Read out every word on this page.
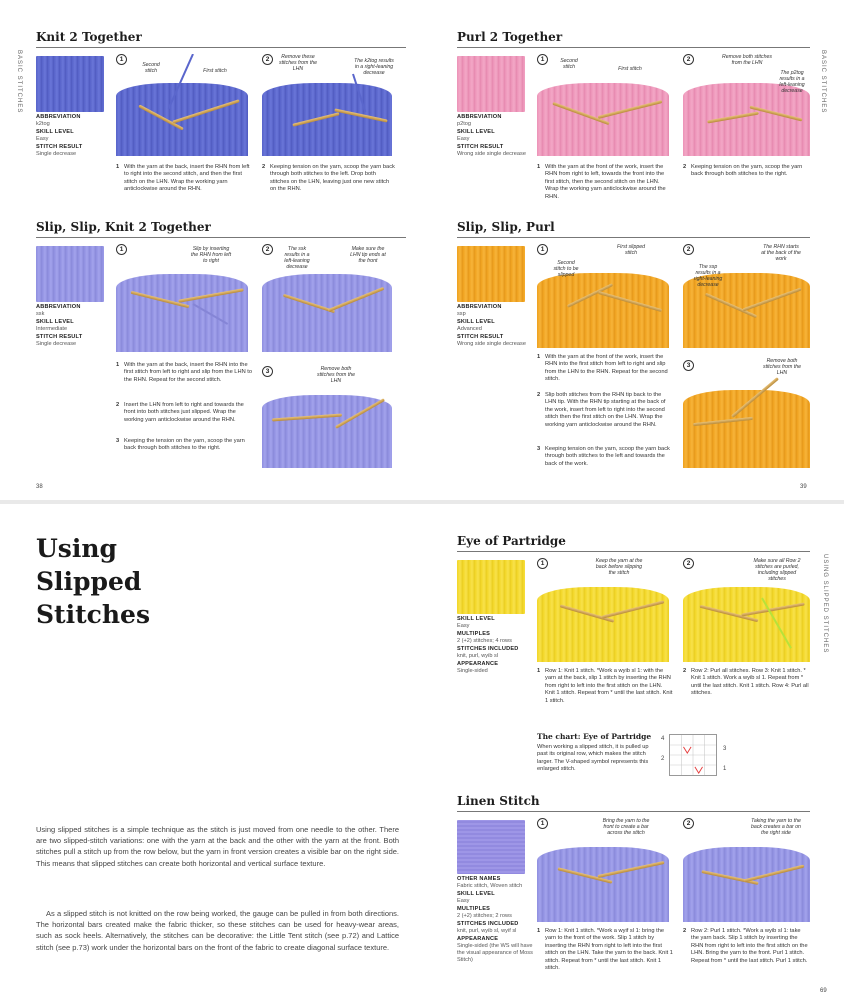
BASIC STITCHES	BASIC STITCHES
38	39
Knit 2 Together
ABBREVIATION
k2tog
SKILL LEVEL
Easy
STITCH RESULT
Single decrease
1
Second stitch	First stitch
2	Remove these stitches from the LHN
The k2tog results in a right-leaning decrease
1 With the yarn at the back, insert the RHN from left to right into the second stitch, and then the first stitch on the LHN. Wrap the working yarn anticlockwise around the RHN.
2 Keeping tension on the yarn, scoop the yarn back through both stitches to the left. Drop both stitches on the LHN, leaving just one new stitch on the RHN.
Purl 2 Together
ABBREVIATION
p2tog
SKILL LEVEL
Easy
STITCH RESULT
Wrong side single decrease
1	Second stitch	First stitch
2	Remove both stitches from the LHN
The p2tog results in a left-leaning decrease
1 With the yarn at the front of the work, insert the RHN from right to left, towards the front into the first stitch, then the second stitch on the LHN. Wrap the working yarn anticlockwise around the RHN.
2 Keeping tension on the yarn, scoop the yarn back through both stitches to the right.
Slip, Slip, Knit 2 Together
ABBREVIATION
ssk
SKILL LEVEL
Intermediate
STITCH RESULT
Single decrease
1	Slip by inserting the RHN from left to right
2	The ssk results in a left-leaning decrease
Make sure the LHN tip ends at the front
3	Remove both stitches from the LHN
1 With the yarn at the back, insert the RHN into the first stitch from left to right and slip from the LHN to the RHN. Repeat for the second stitch.
2 Insert the LHN from left to right and towards the front into both stitches just slipped. Wrap the working yarn anticlockwise around the RHN.
3 Keeping the tension on the yarn, scoop the yarn back through both stitches to the right.
Slip, Slip, Purl
ABBREVIATION
ssp
SKILL LEVEL
Advanced
STITCH RESULT
Wrong side single decrease
1
Second stitch to be slipped
First slipped stitch	2
The ssp results in a right-leaning decrease
The RHN starts at the back of the work
3
Remove both stitches from the LHN
1 With the yarn at the front of the work, insert the RHN into the first stitch from left to right and slip from the LHN to the RHN. Repeat for the second stitch.
2 Slip both stitches from the RHN tip back to the LHN tip. With the RHN tip starting at the back of the work, insert from left to right into the second stitch then the first stitch on the LHN. Wrap the working yarn anticlockwise around the RHN.
3 Keeping tension on the yarn, scoop the yarn back through both stitches to the left and towards the back of the work.
USING SLIPPED STITCHES
69
Using
Slipped
Stitches
Using slipped stitches is a simple technique as the stitch is just moved from one needle to the other. There are two slipped-stitch variations: one with the yarn at the back and the other with the yarn at the front. Both stitches pull a stitch up from the row below, but the yarn in front version creates a visible bar on the right side. This means that slipped stitches can create both horizontal and vertical surface texture.
As a slipped stitch is not knitted on the row being worked, the gauge can be pulled in from both directions. The horizontal bars created make the fabric thicker, so these stitches can be used for heavy-wear areas, such as sock heels. Alternatively, the stitches can be decorative: the Little Tent stitch (see p.72) and Lattice stitch (see p.73) work under the horizontal bars on the front of the fabric to create diagonal surface texture.
Eye of Partridge
SKILL LEVEL
Easy
MULTIPLES
2 (+2) stitches; 4 rows
STITCHES INCLUDED
knit, purl, wyib sl
APPEARANCE
Single-sided
1	Keep the yarn at the back before slipping the stitch
2	Make sure all Row 2 stitches are purled, including slipped stitches
1 Row 1: Knit 1 stitch. *Work a wyib sl 1: with the yarn at the back, slip 1 stitch by inserting the RHN from right to left into the first stitch on the LHN. Knit 1 stitch. Repeat from * until the last stitch. Knit 1 stitch.
2 Row 2: Purl all stitches. Row 3: Knit 1 stitch. * Knit 1 stitch. Work a wyib sl 1. Repeat from * until the last stitch. Knit 1 stitch. Row 4: Purl all stitches.
The chart: Eye of Partridge
When working a slipped stitch, it is pulled up past its original row, which makes the stitch larger. The V-shaped symbol represents this enlarged stitch.
4
3
2
1
Linen Stitch
OTHER NAMES
Fabric stitch, Woven stitch
SKILL LEVEL
Easy
MULTIPLES
2 (+2) stitches; 2 rows
STITCHES INCLUDED
knit, purl, wyib sl, wyif sl
APPEARANCE
Single-sided (the WS will have the visual appearance of Moss Stitch)
1	Bring the yarn to the front to create a bar across the stitch
2	Taking the yarn to the back creates a bar on the right side
1 Row 1: Knit 1 stitch. *Work a wyif sl 1: bring the yarn to the front of the work. Slip 1 stitch by inserting the RHN from right to left into the first stitch on the LHN. Take the yarn to the back. Knit 1 stitch. Repeat from * until the last stitch. Knit 1 stitch.
2 Row 2: Purl 1 stitch. *Work a wyib sl 1: take the yarn back. Slip 1 stitch by inserting the RHN from right to left into the first stitch on the LHN. Bring the yarn to the front. Purl 1 stitch. Repeat from * until the last stitch. Purl 1 stitch.
